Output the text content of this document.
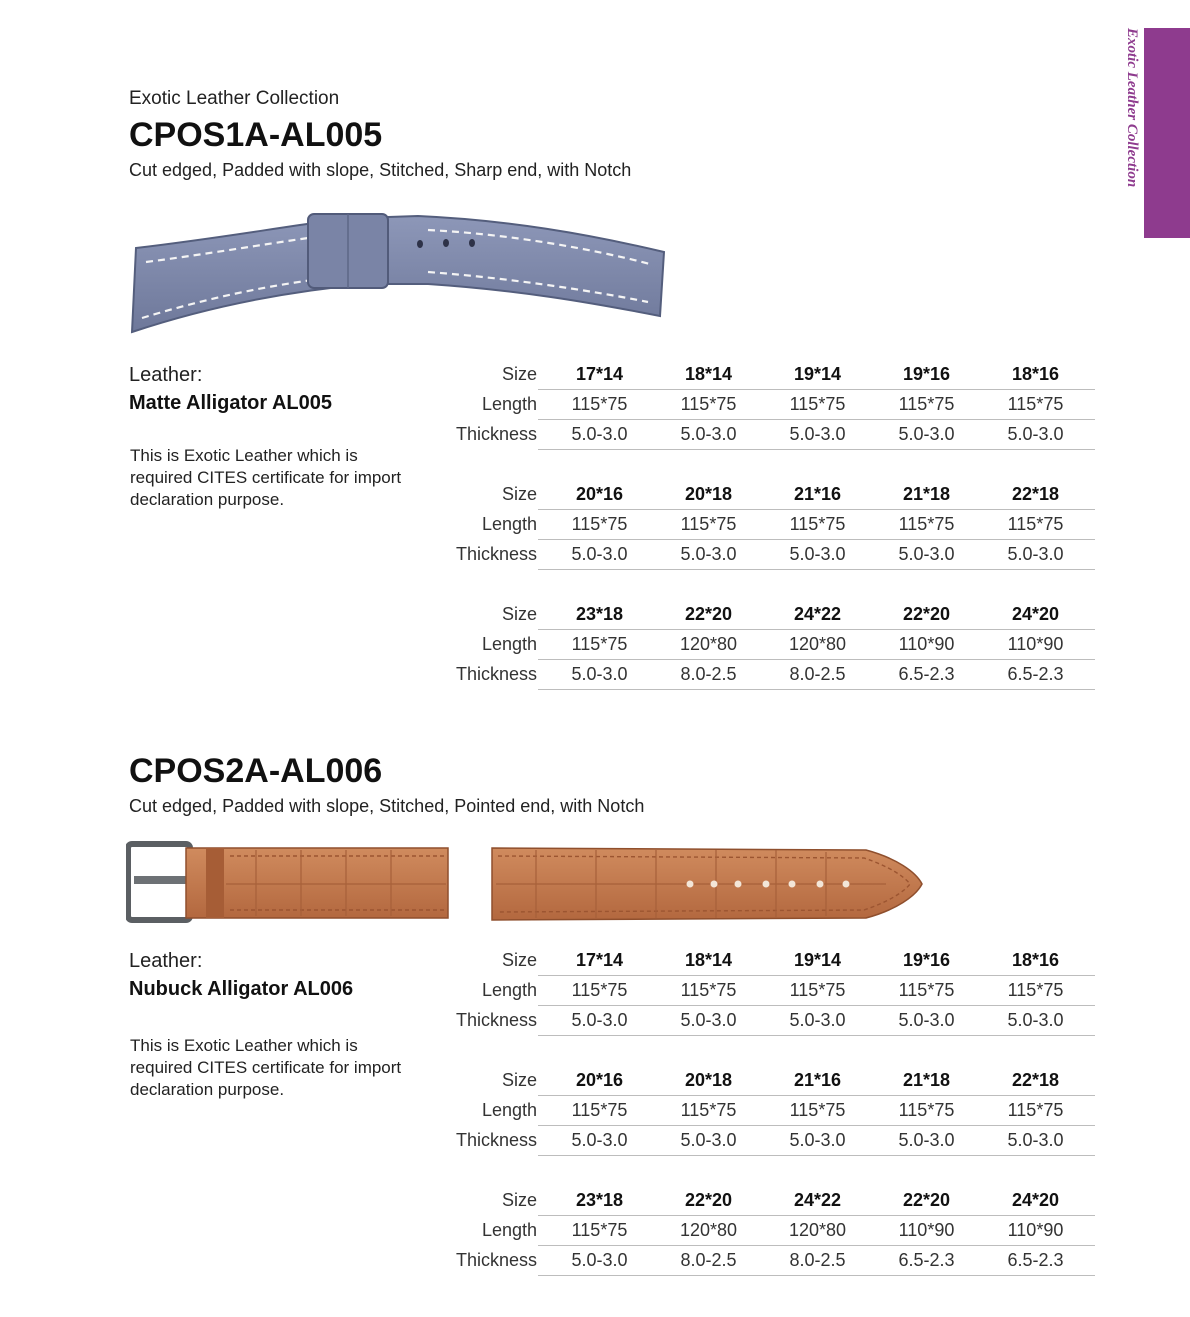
Exotic Leather Collection
Exotic Leather Collection
CPOS1A-AL005
Cut edged, Padded with slope, Stitched, Sharp end, with Notch
Leather:
Matte Alligator AL005
This is Exotic Leather which is required CITES certificate for import declaration purpose.
Size	17*14	18*14	19*14	19*16	18*16
Length	115*75	115*75	115*75	115*75	115*75
Thickness	5.0-3.0	5.0-3.0	5.0-3.0	5.0-3.0	5.0-3.0
Size	20*16	20*18	21*16	21*18	22*18
Length	115*75	115*75	115*75	115*75	115*75
Thickness	5.0-3.0	5.0-3.0	5.0-3.0	5.0-3.0	5.0-3.0
Size	23*18	22*20	24*22	22*20	24*20
Length	115*75	120*80	120*80	110*90	110*90
Thickness	5.0-3.0	8.0-2.5	8.0-2.5	6.5-2.3	6.5-2.3
CPOS2A-AL006
Cut edged, Padded with slope, Stitched, Pointed end, with Notch
Leather:
Nubuck Alligator AL006
This is Exotic Leather which is required CITES certificate for import declaration purpose.
Size	17*14	18*14	19*14	19*16	18*16
Length	115*75	115*75	115*75	115*75	115*75
Thickness	5.0-3.0	5.0-3.0	5.0-3.0	5.0-3.0	5.0-3.0
Size	20*16	20*18	21*16	21*18	22*18
Length	115*75	115*75	115*75	115*75	115*75
Thickness	5.0-3.0	5.0-3.0	5.0-3.0	5.0-3.0	5.0-3.0
Size	23*18	22*20	24*22	22*20	24*20
Length	115*75	120*80	120*80	110*90	110*90
Thickness	5.0-3.0	8.0-2.5	8.0-2.5	6.5-2.3	6.5-2.3
